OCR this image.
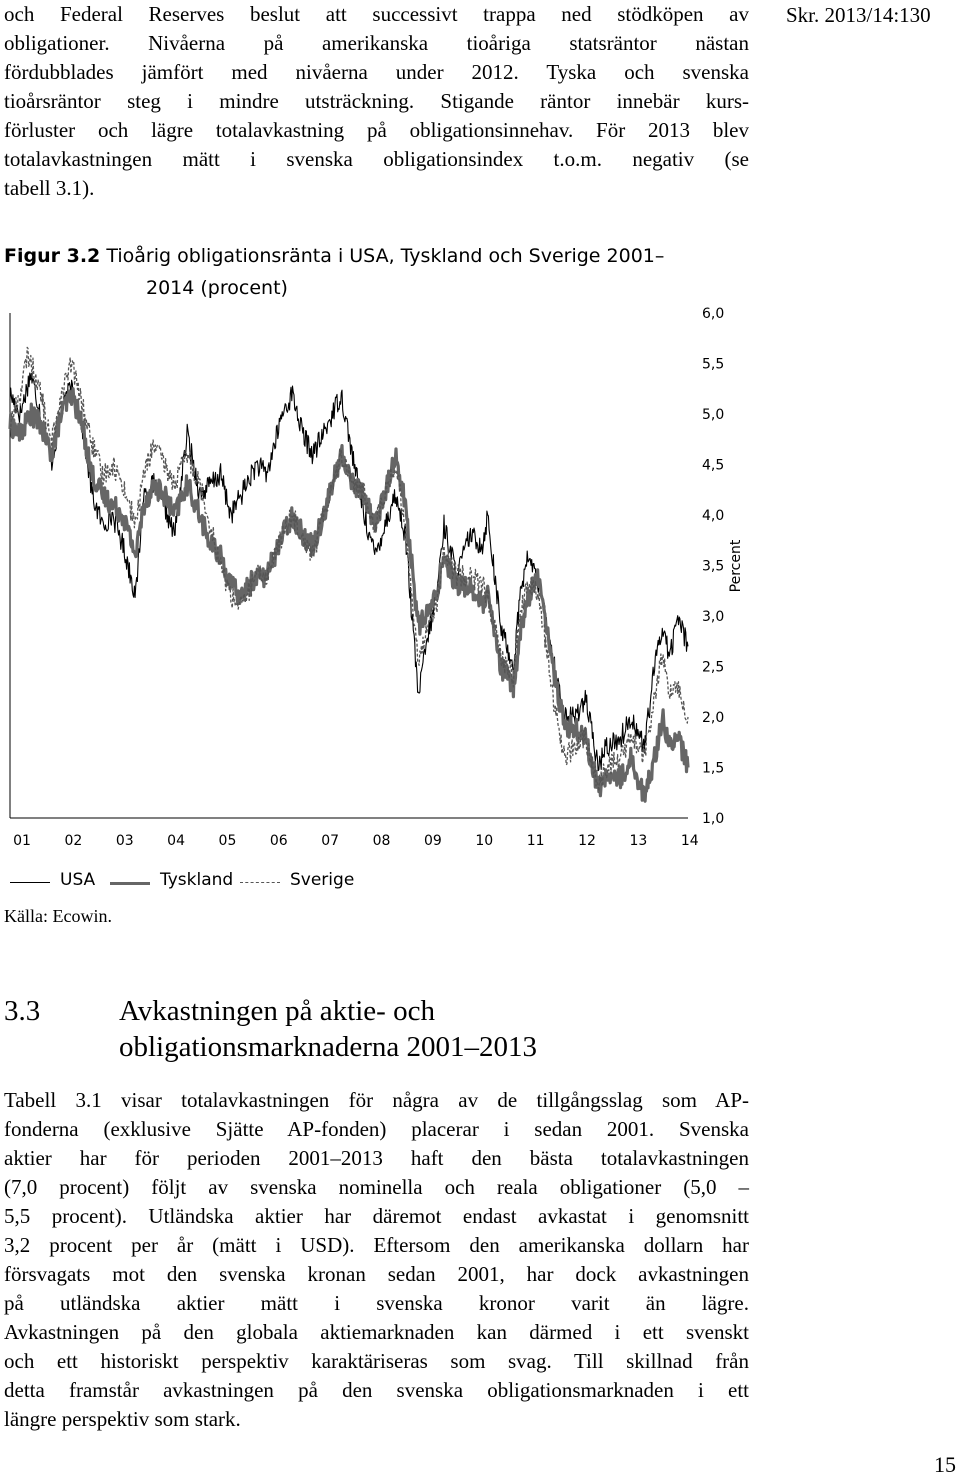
Skr. 2013/14:130
och Federal Reserves beslut att successivt trappa ned stödköpen av
obligationer. Nivåerna på amerikanska tioåriga statsräntor nästan
fördubblades jämfört med nivåerna under 2012. Tyska och svenska
tioårsräntor steg i mindre utsträckning. Stigande räntor innebär kurs-
förluster och lägre totalavkastning på obligationsinnehav. För 2013 blev
totalavkastningen mätt i svenska obligationsindex t.o.m. negativ (se
tabell 3.1).
Figur 3.2 Tioårig obligationsränta i USA, Tyskland och Sverige 2001–
2014 (procent)
6,0
5,5
5,0
4,5
4,0
3,5
3,0
2,5
2,0
1,5
1,0
Percent
01 02 03 04 05 06 07 08 09 10 11 12 13 14
USA	Tyskland	Sverige
Källa: Ecowin.
3.3	Avkastningen på aktie- och
obligationsmarknaderna 2001–2013
Tabell 3.1 visar totalavkastningen för några av de tillgångsslag som AP-
fonderna (exklusive Sjätte AP-fonden) placerar i sedan 2001. Svenska
aktier har för perioden 2001–2013 haft den bästa totalavkastningen
(7,0 procent) följt av svenska nominella och reala obligationer (5,0 –
5,5 procent). Utländska aktier har däremot endast avkastat i genomsnitt
3,2 procent per år (mätt i USD). Eftersom den amerikanska dollarn har
försvagats mot den svenska kronan sedan 2001, har dock avkastningen
på utländska aktier mätt i svenska kronor varit än lägre.
Avkastningen på den globala aktiemarknaden kan därmed i ett svenskt
och ett historiskt perspektiv karaktäriseras som svag. Till skillnad från
detta framstår avkastningen på den svenska obligationsmarknaden i ett
längre perspektiv som stark.
15
